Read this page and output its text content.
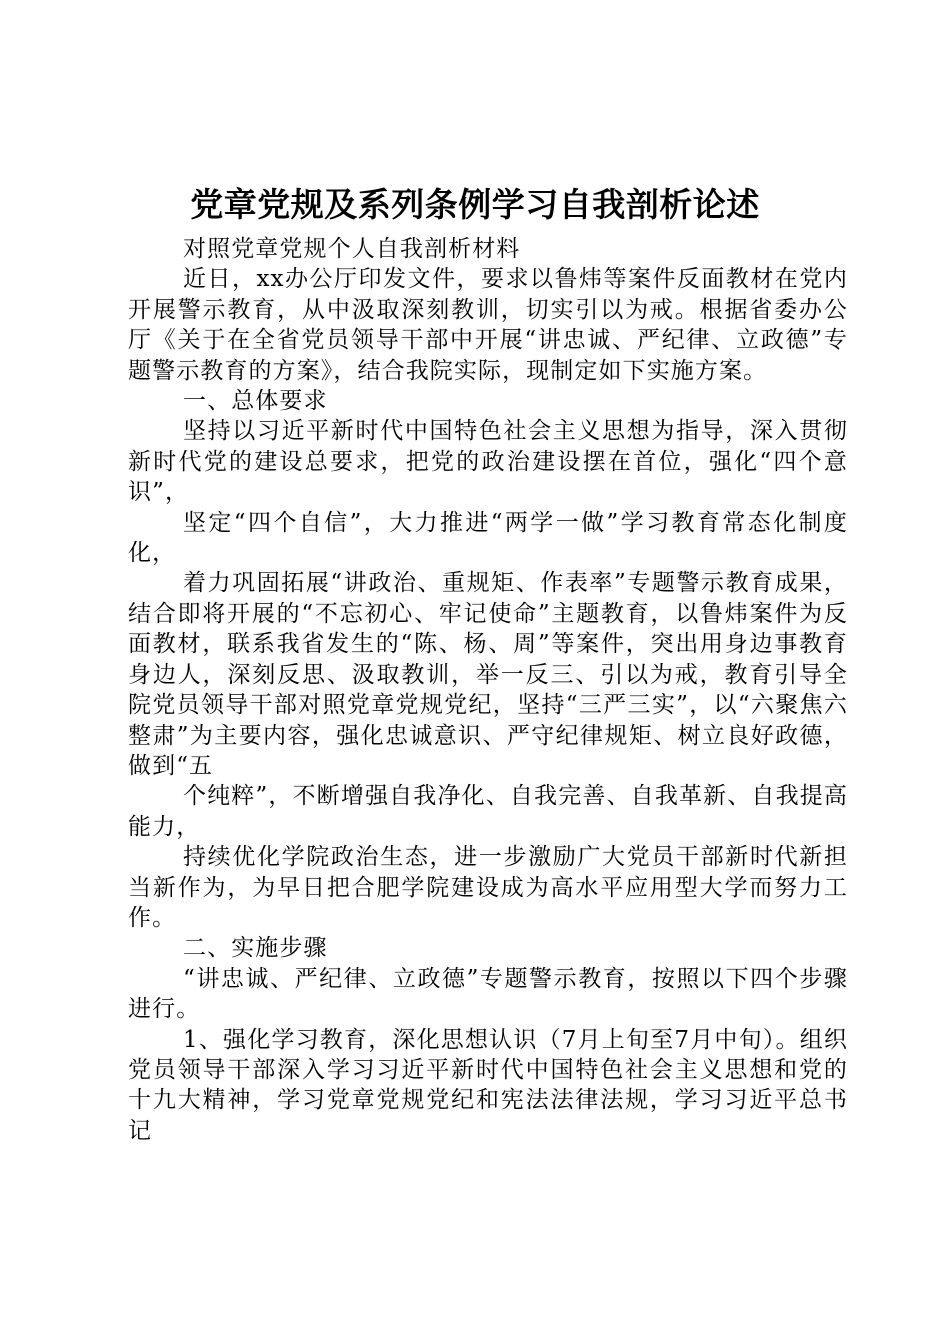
党章党规及系列条例学习自我剖析论述

对照党章党规个人自我剖析材料

近日，xx办公厅印发文件，要求以鲁炜等案件反面教材在党内开展警示教育，从中汲取深刻教训，切实引以为戒。根据省委办公厅《关于在全省党员领导干部中开展“讲忠诚、严纪律、立政德”专题警示教育的方案》，结合我院实际，现制定如下实施方案。

一、总体要求

坚持以习近平新时代中国特色社会主义思想为指导，深入贯彻新时代党的建设总要求，把党的政治建设摆在首位，强化“四个意识”，

坚定“四个自信”，大力推进“两学一做”学习教育常态化制度化，

着力巩固拓展“讲政治、重规矩、作表率”专题警示教育成果，结合即将开展的“不忘初心、牢记使命”主题教育，以鲁炜案件为反面教材，联系我省发生的“陈、杨、周”等案件，突出用身边事教育身边人，深刻反思、汲取教训，举一反三、引以为戒，教育引导全院党员领导干部对照党章党规党纪，坚持“三严三实”，以“六聚焦六整肃”为主要内容，强化忠诚意识、严守纪律规矩、树立良好政德，做到“五

个纯粹”，不断增强自我净化、自我完善、自我革新、自我提高能力，

持续优化学院政治生态，进一步激励广大党员干部新时代新担当新作为，为早日把合肥学院建设成为高水平应用型大学而努力工作。

二、实施步骤

“讲忠诚、严纪律、立政德”专题警示教育，按照以下四个步骤进行。

1、强化学习教育，深化思想认识（7月上旬至7月中旬）。组织党员领导干部深入学习习近平新时代中国特色社会主义思想和党的十九大精神，学习党章党规党纪和宪法法律法规，学习习近平总书记
